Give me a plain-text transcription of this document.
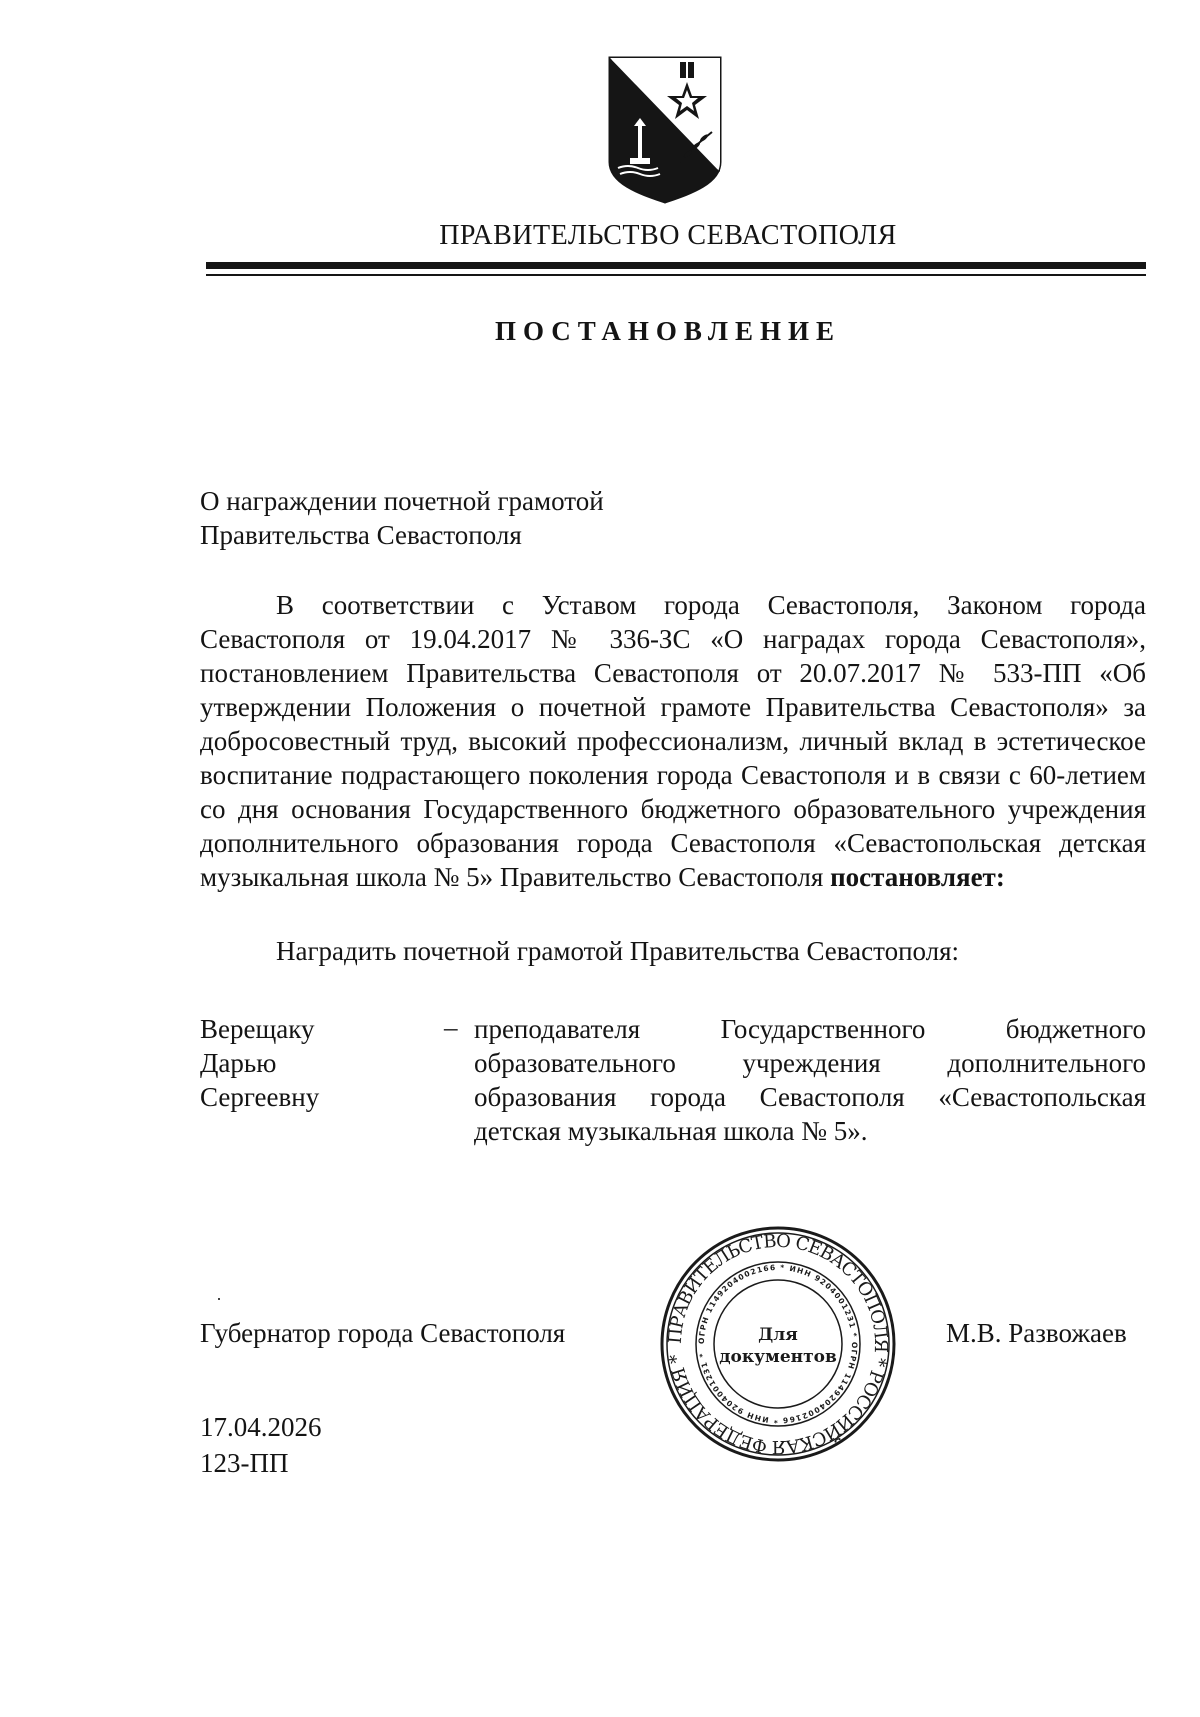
ПРАВИТЕЛЬСТВО СЕВАСТОПОЛЯ
ПОСТАНОВЛЕНИЕ
О награждении почетной грамотой
Правительства Севастополя
В соответствии с Уставом города Севастополя, Законом города Севастополя от 19.04.2017 № 336-ЗС «О наградах города Севастополя», постановлением Правительства Севастополя от 20.07.2017 № 533-ПП «Об утверждении Положения о почетной грамоте Правительства Севастополя» за добросовестный труд, высокий профессионализм, личный вклад в эстетическое воспитание подрастающего поколения города Севастополя и в связи с 60-летием со дня основания Государственного бюджетного образовательного учреждения дополнительного образования города Севастополя «Севастопольская детская музыкальная школа № 5» Правительство Севастополя постановляет:
Наградить почетной грамотой Правительства Севастополя:
Верещаку
Дарью
Сергеевну
– преподавателя Государственного бюджетного образовательного учреждения дополнительного образования города Севастополя «Севастопольская детская музыкальная школа № 5».
Губернатор города Севастополя	ПРАВИТЕЛЬСТВО СЕВАСТОПОЛЯ * РОССИЙСКАЯ ФЕДЕРАЦИЯ *
ОГРН 1149204002166 * ИНН 9204001231 * ОГРН 1149204002166 * ИНН 9204001231 *
Для
документов
М.В. Развожаев
17.04.2026
123-ПП
